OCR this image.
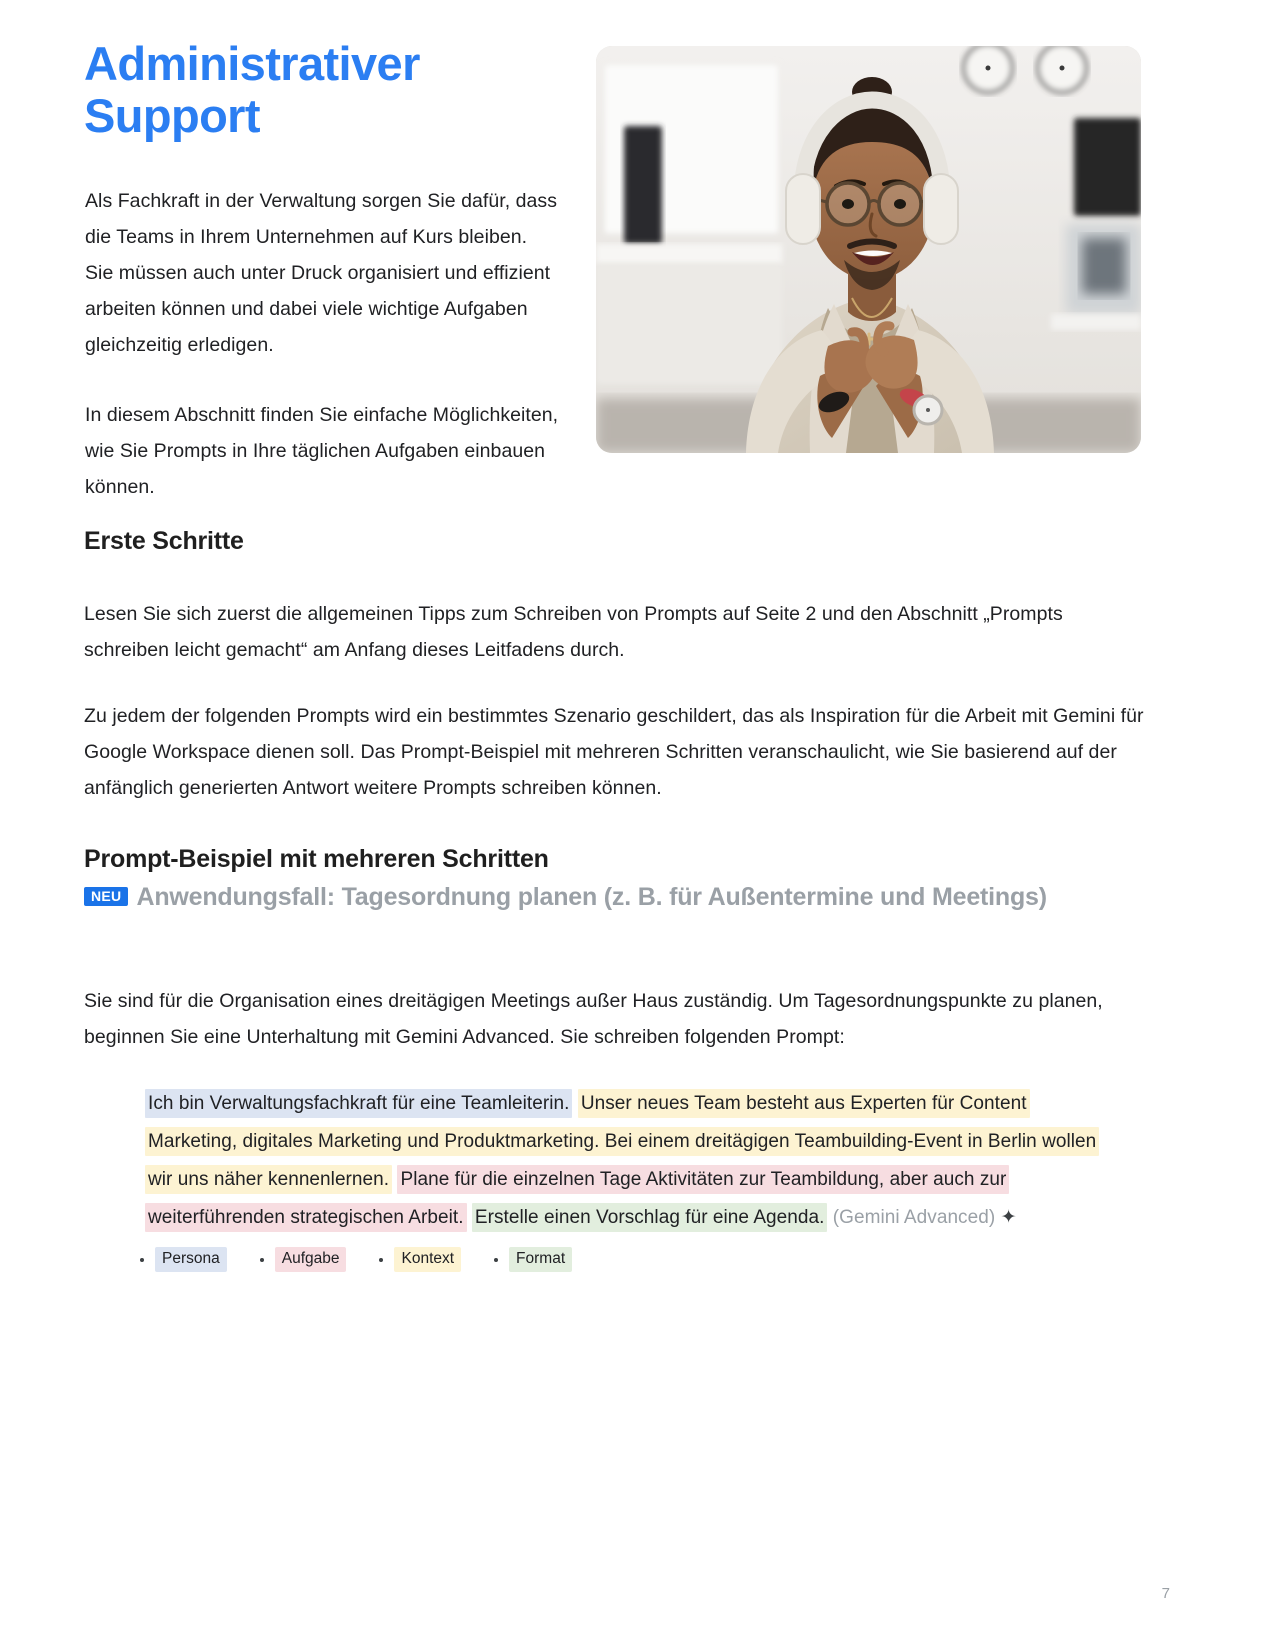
Administrativer
Support

Als Fachkraft in der Verwaltung sorgen Sie dafür, dass die Teams in Ihrem Unternehmen auf Kurs bleiben. Sie müssen auch unter Druck organisiert und effizient arbeiten können und dabei viele wichtige Aufgaben gleichzeitig erledigen.

In diesem Abschnitt finden Sie einfache Möglichkeiten, wie Sie Prompts in Ihre täglichen Aufgaben einbauen können.

Erste Schritte

Lesen Sie sich zuerst die allgemeinen Tipps zum Schreiben von Prompts auf Seite 2 und den Abschnitt „Prompts schreiben leicht gemacht“ am Anfang dieses Leitfadens durch.

Zu jedem der folgenden Prompts wird ein bestimmtes Szenario geschildert, das als Inspiration für die Arbeit mit Gemini für Google Workspace dienen soll. Das Prompt-Beispiel mit mehreren Schritten veranschaulicht, wie Sie basierend auf der anfänglich generierten Antwort weitere Prompts schreiben können.

Prompt-Beispiel mit mehreren Schritten
NEU Anwendungsfall: Tagesordnung planen (z. B. für Außentermine und Meetings)

Sie sind für die Organisation eines dreitägigen Meetings außer Haus zuständig. Um Tagesordnungspunkte zu planen, beginnen Sie eine Unterhaltung mit Gemini Advanced. Sie schreiben folgenden Prompt:

Ich bin Verwaltungsfachkraft für eine Teamleiterin. Unser neues Team besteht aus Experten für Content Marketing, digitales Marketing und Produktmarketing. Bei einem dreitägigen Teambuilding-Event in Berlin wollen wir uns näher kennenlernen. Plane für die einzelnen Tage Aktivitäten zur Teambildung, aber auch zur weiterführenden strategischen Arbeit. Erstelle einen Vorschlag für eine Agenda. (Gemini Advanced) ✦
Persona	Aufgabe	Kontext	Format
7
